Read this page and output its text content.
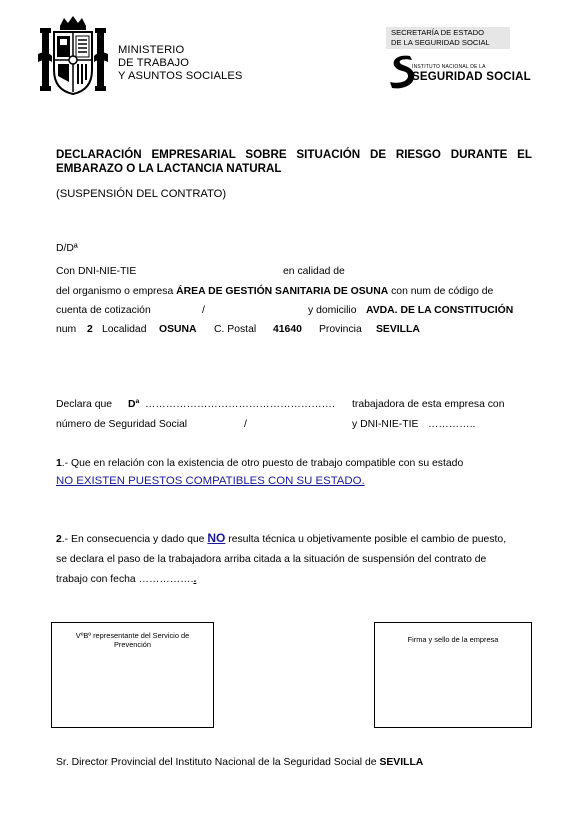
MINISTERIO
DE TRABAJO
Y ASUNTOS SOCIALES
SECRETARÍA DE ESTADO
DE LA SEGURIDAD SOCIAL
INSTITUTO NACIONAL DE LA
SEGURIDAD SOCIAL
DECLARACIÓN EMPRESARIAL SOBRE SITUACIÓN DE RIESGO DURANTE EL EMBARAZO O LA LACTANCIA NATURAL
(SUSPENSIÓN DEL CONTRATO)
D/Dª
Con DNI-NIE-TIE	en calidad de
del organismo o empresa ÁREA DE GESTIÓN SANITARIA DE OSUNA con num de código de
cuenta de cotización	/	y domicilio AVDA. DE LA CONSTITUCIÓN
num 2 Localidad OSUNA C. Postal 41640 Provincia SEVILLA
Declara que Dª ………………………………………………. trabajadora de esta empresa con
número de Seguridad Social	/	y DNI-NIE-TIE …………..
1.- Que en relación con la existencia de otro puesto de trabajo compatible con su estado
NO EXISTEN PUESTOS COMPATIBLES CON SU ESTADO.
2.- En consecuencia y dado que NO resulta técnica u objetivamente posible el cambio de puesto,
se declara el paso de la trabajadora arriba citada a la situación de suspensión del contrato de
trabajo con fecha ……………..
VºBº representante del Servicio de Prevención
Firma y sello de la empresa
Sr. Director Provincial del Instituto Nacional de la Seguridad Social de SEVILLA
